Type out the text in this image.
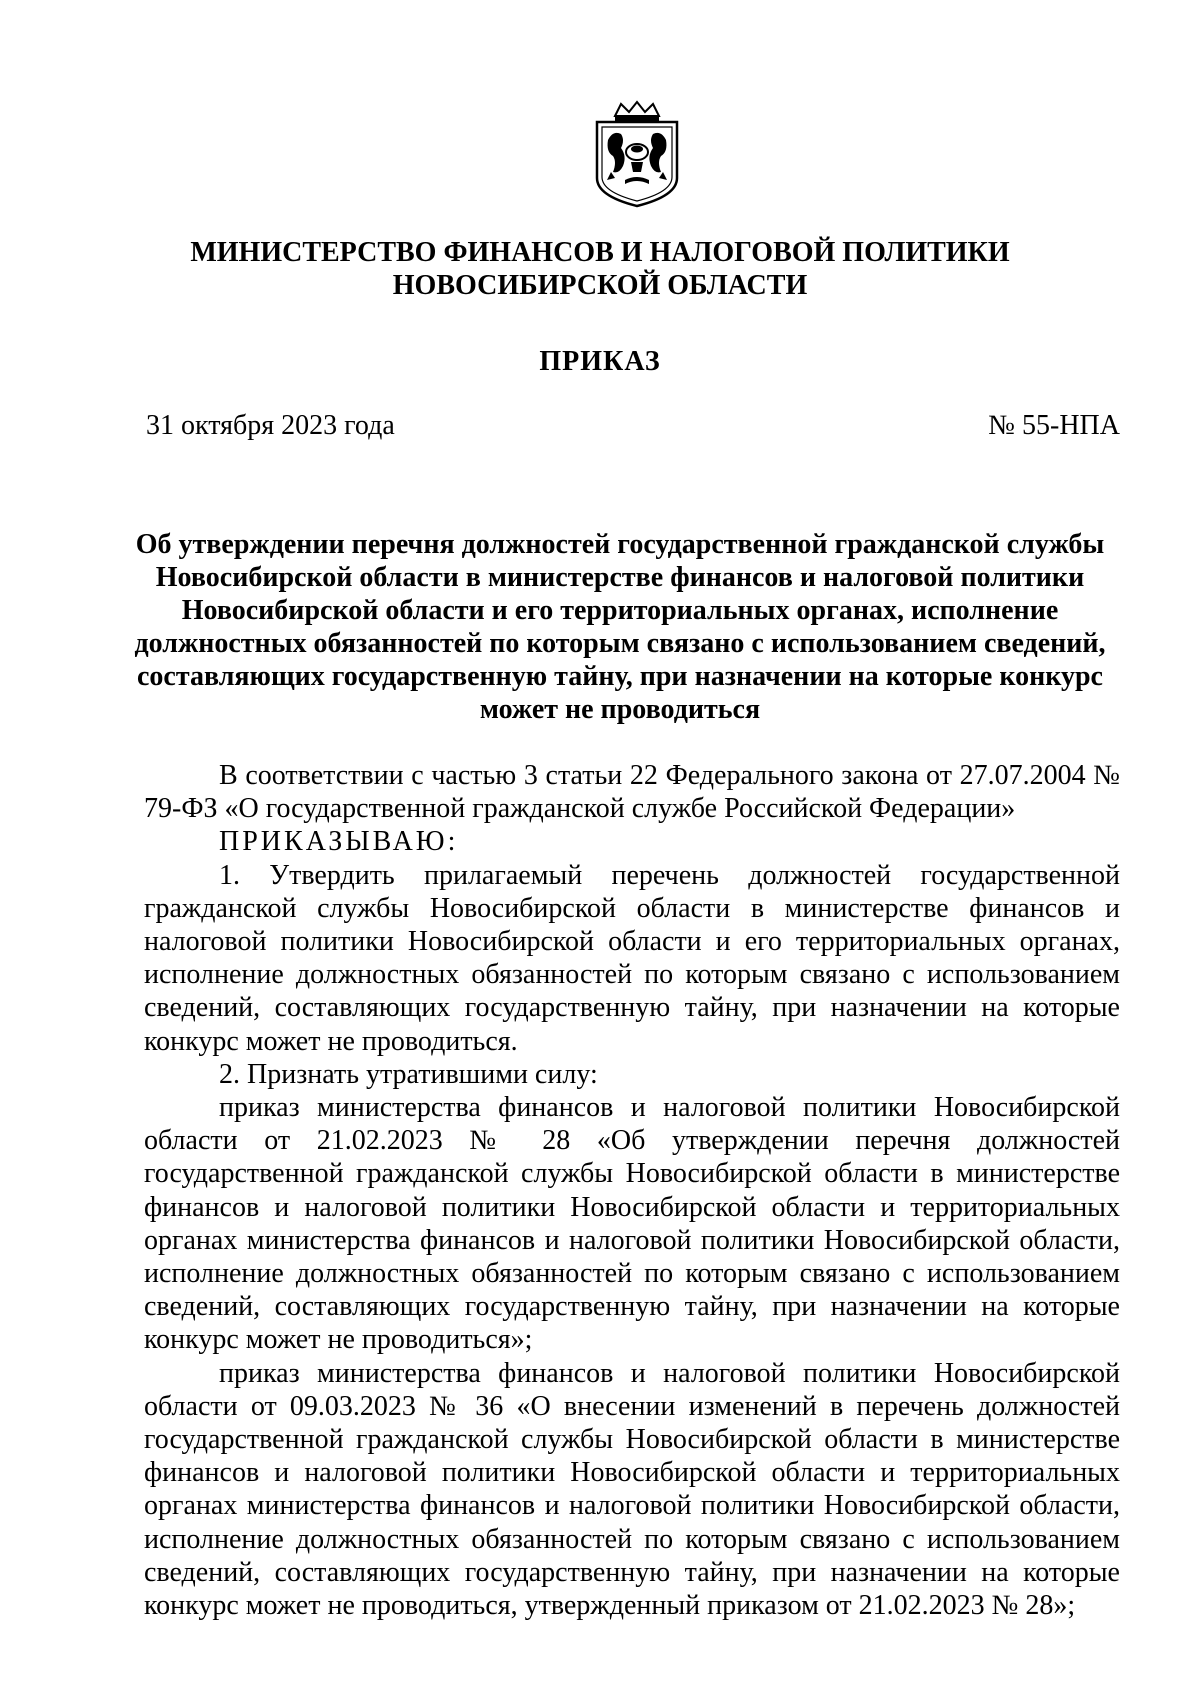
МИНИСТЕРСТВО ФИНАНСОВ И НАЛОГОВОЙ ПОЛИТИКИ
НОВОСИБИРСКОЙ ОБЛАСТИ
ПРИКАЗ
31 октября 2023 года	№ 55-НПА
Об утверждении перечня должностей государственной гражданской службы
Новосибирской области в министерстве финансов и налоговой политики
Новосибирской области и его территориальных органах, исполнение
должностных обязанностей по которым связано с использованием сведений,
составляющих государственную тайну, при назначении на которые конкурс
может не проводиться

В соответствии с частью 3 статьи 22 Федерального закона от 27.07.2004 № 79-ФЗ «О государственной гражданской службе Российской Федерации»

ПРИКАЗЫВАЮ:

1. Утвердить прилагаемый перечень должностей государственной гражданской службы Новосибирской области в министерстве финансов и налоговой политики Новосибирской области и его территориальных органах, исполнение должностных обязанностей по которым связано с использованием сведений, составляющих государственную тайну, при назначении на которые конкурс может не проводиться.

2. Признать утратившими силу:

приказ министерства финансов и налоговой политики Новосибирской области от 21.02.2023 № 28 «Об утверждении перечня должностей государственной гражданской службы Новосибирской области в министерстве финансов и налоговой политики Новосибирской области и территориальных органах министерства финансов и налоговой политики Новосибирской области, исполнение должностных обязанностей по которым связано с использованием сведений, составляющих государственную тайну, при назначении на которые конкурс может не проводиться»;

приказ министерства финансов и налоговой политики Новосибирской области от 09.03.2023 № 36 «О внесении изменений в перечень должностей государственной гражданской службы Новосибирской области в министерстве финансов и налоговой политики Новосибирской области и территориальных органах министерства финансов и налоговой политики Новосибирской области, исполнение должностных обязанностей по которым связано с использованием сведений, составляющих государственную тайну, при назначении на которые конкурс может не проводиться, утвержденный приказом от 21.02.2023 № 28»;
